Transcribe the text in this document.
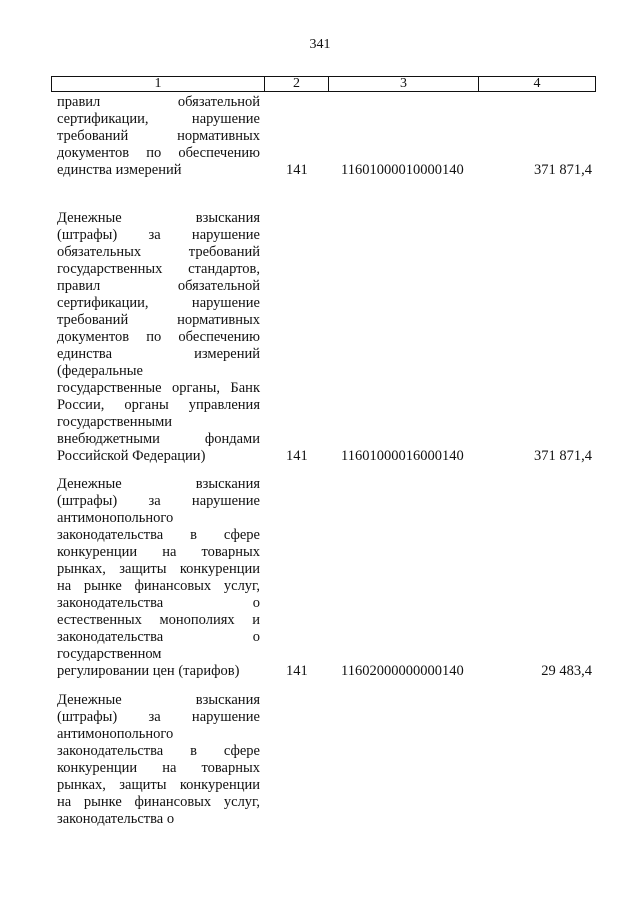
341
1	2	3	4
правил обязательной
сертификации, нарушение
требований нормативных
документов по обеспечению
единства измерений	141 11601000010000140	371 871,4
Денежные взыскания
(штрафы) за нарушение
обязательных требований
государственных стандартов,
правил обязательной
сертификации, нарушение
требований нормативных
документов по обеспечению
единства измерений
(федеральные
государственные органы, Банк
России, органы управления
государственными
внебюджетными фондами
Российской Федерации)	141 11601000016000140	371 871,4
Денежные взыскания
(штрафы) за нарушение
антимонопольного
законодательства в сфере
конкуренции на товарных
рынках, защиты конкуренции
на рынке финансовых услуг,
законодательства о
естественных монополиях и
законодательства о
государственном
регулировании цен (тарифов)	141 11602000000000140	29 483,4
Денежные взыскания
(штрафы) за нарушение
антимонопольного
законодательства в сфере
конкуренции на товарных
рынках, защиты конкуренции
на рынке финансовых услуг,
законодательства о
